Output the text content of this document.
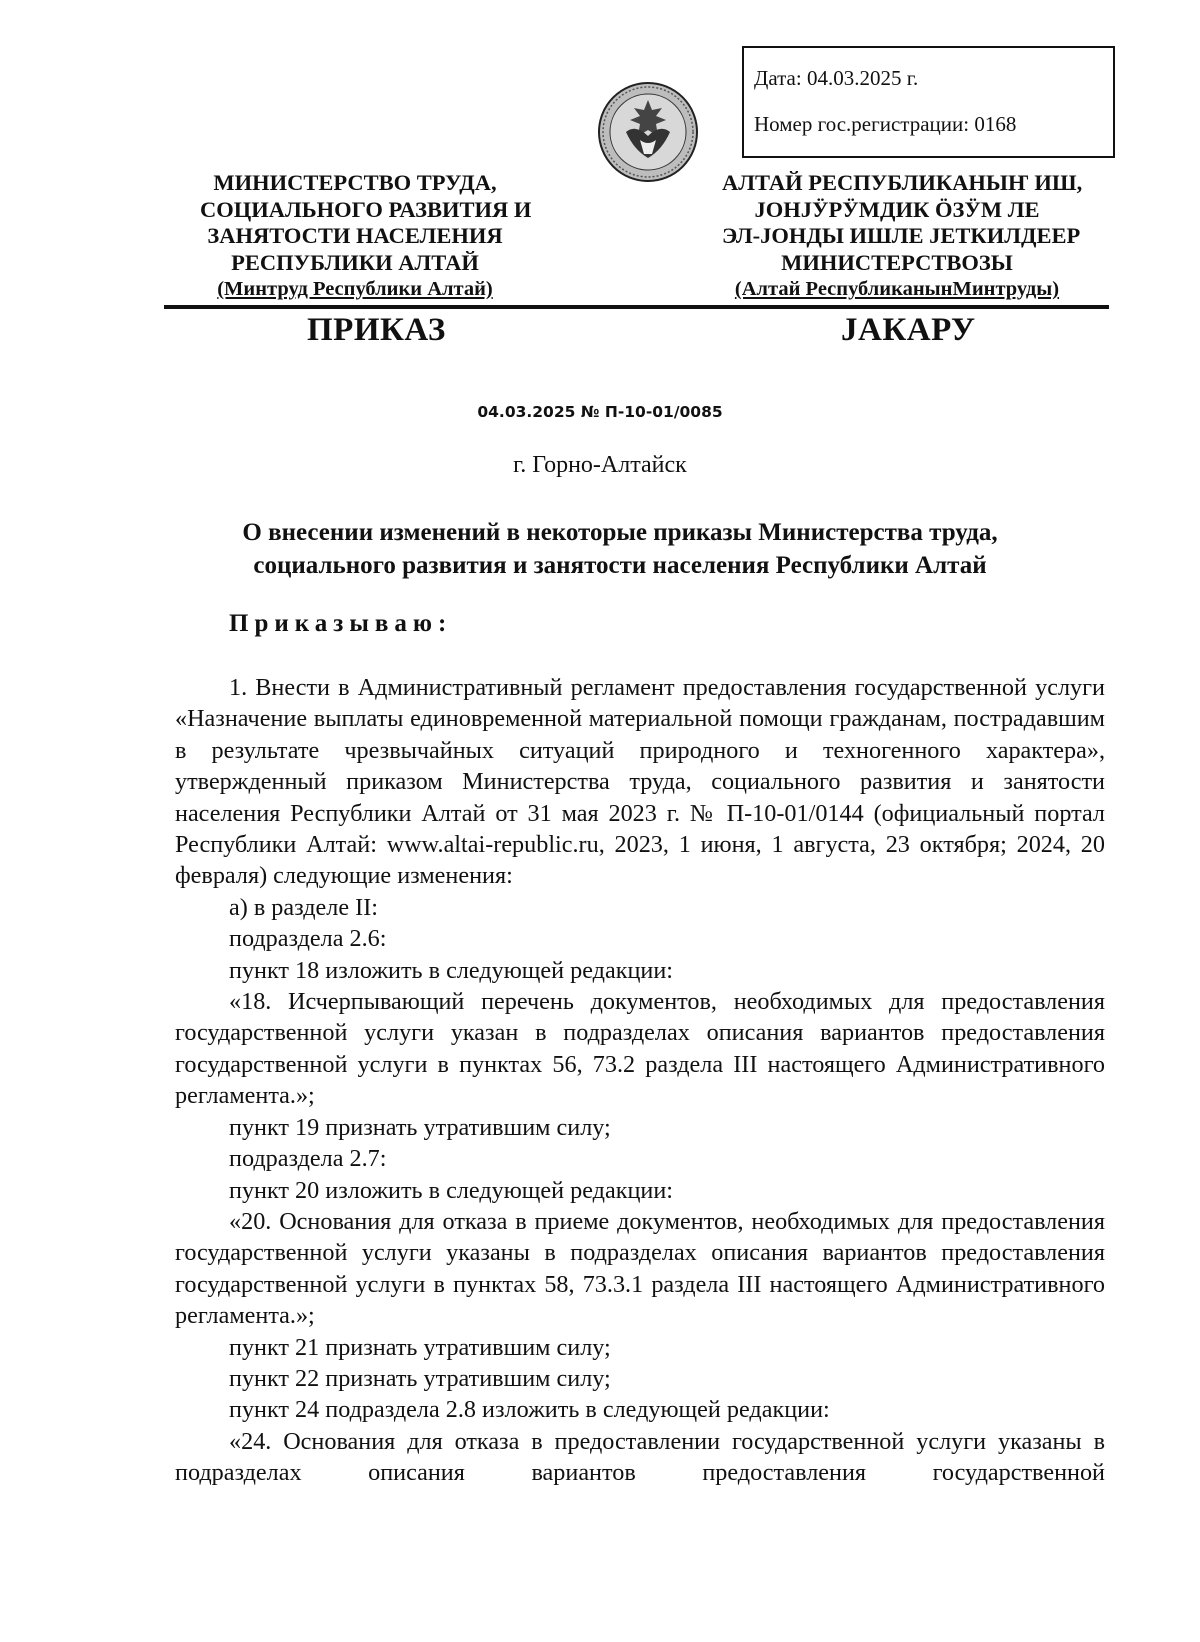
Дата: 04.03.2025 г.
Номер гос.регистрации: 0168
МИНИСТЕРСТВО ТРУДА,
СОЦИАЛЬНОГО РАЗВИТИЯ И
ЗАНЯТОСТИ НАСЕЛЕНИЯ
РЕСПУБЛИКИ АЛТАЙ
(Минтруд Республики Алтай)
АЛТАЙ РЕСПУБЛИКАНЫҤ ИШ,
ЈОНЈӰРӰМДИК ӦЗӰМ ЛЕ
ЭЛ-ЈОНДЫ ИШЛЕ ЈЕТКИЛДЕЕР
МИНИСТЕРСТВОЗЫ
(Алтай РеспубликанынМинтруды)
ПРИКАЗ	ЈАКАРУ
04.03.2025 № П-10-01/0085
г. Горно-Алтайск
О внесении изменений в некоторые приказы Министерства труда,
социального развития и занятости населения Республики Алтай
Приказываю:

1. Внести в Административный регламент предоставления государственной услуги «Назначение выплаты единовременной материальной помощи гражданам, пострадавшим в результате чрезвычайных ситуаций природного и техногенного характера», утвержденный приказом Министерства труда, социального развития и занятости населения Республики Алтай от 31 мая 2023 г. № П-10-01/0144 (официальный портал Республики Алтай: www.altai-republic.ru, 2023, 1 июня, 1 августа, 23 октября; 2024, 20 февраля) следующие изменения:

а) в разделе II:

подраздела 2.6:

пункт 18 изложить в следующей редакции:

«18. Исчерпывающий перечень документов, необходимых для предоставления государственной услуги указан в подразделах описания вариантов предоставления государственной услуги в пунктах 56, 73.2 раздела III настоящего Административного регламента.»;

пункт 19 признать утратившим силу;

подраздела 2.7:

пункт 20 изложить в следующей редакции:

«20. Основания для отказа в приеме документов, необходимых для предоставления государственной услуги указаны в подразделах описания вариантов предоставления государственной услуги в пунктах 58, 73.3.1 раздела III настоящего Административного регламента.»;

пункт 21 признать утратившим силу;

пункт 22 признать утратившим силу;

пункт 24 подраздела 2.8 изложить в следующей редакции:

«24. Основания для отказа в предоставлении государственной услуги указаны в подразделах описания вариантов предоставления государственной
